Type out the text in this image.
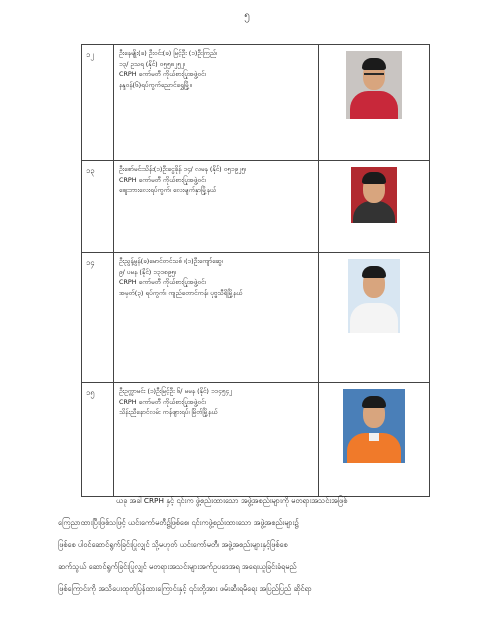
၅
၁၂	ဦးနေမျိုး(ခ) ဦးဝင်း(ခ) မြင့်ဦး (၁)ဦးကြည်၊
၁၃/ ဥသရ (နိုင်) ၀၅၅၈၂၅၂၊
CRPH ကော်မတီ ကိုယ်စားပြုအဖွဲ့ဝင်၊
နန္ဒဝန်(၆)ရပ်ကွက်ညောင်ရွှေမြို့။	

၁၃	ဦးစော်မင်းသိန်း(၁)ဦးငွေခိုန် ၁၄/ လမန (နိုင်) ၀၅၁၉၂၅၊
CRPH ကော်မတီ ကိုယ်စားပြုအဖွဲ့ဝင်၊
ဈေးဘားလေးရပ်ကွက်၊ လေးမျက်နှာမြို့နယ်	

၁၄	ဦးညွန့်မွန်(ခ)မောင်တင်သစ် ၊(၁)ဦးကျော်ဆွေ၊
၉/ ပမန (နိုင်) ၁၃၁၈၉၅၊
CRPH ကော်မတီ ကိုယ်စားပြုအဖွဲ့ဝင်၊
အမှတ်(၃) ရပ်ကွက်၊ ကျည်တောင်ကန်၊ ပုဗ္ဗသီရိမြို့နယ်	

၁၅	ဦးဥက္ကာမင်း (၁)ဦးမြင့်ဦး ၆/ မမန (နိုင်) ၁၁၄၅၄၂
CRPH ကော်မတီ ကိုယ်စားပြုအဖွဲ့ဝင်၊
သိန်းညီနောင်လမ်း ကန်ဖျားရပ်၊ မြိတ်မြို့နယ်	

ယခု အခါ CRPH နှင့် ၎င်းက ဖွဲ့စည်းထားသော အဖွဲ့အစည်းများကို မတရားအသင်းအဖြစ်
ကြေညာထားပြီးဖြစ်သဖြင့် ယင်းကော်မတီ၌ဖြစ်စေ၊ ၎င်းကဖွဲ့စည်းထားသော အဖွဲ့အစည်းများ၌
ဖြစ်စေ ပါဝင်ဆောင်ရွက်ခြင်းပြုလျှင် သို့မဟုတ် ယင်းကော်မတီ၊ အဖွဲ့အစည်းများနှင့်ဖြစ်စေ
ဆက်သွယ် ဆောင်ရွက်ခြင်းပြုလျှင် မတရားအသင်းများအက်ဥပဒေအရ အရေးယူခြင်းခံရမည်
ဖြစ်ကြောင်းကို အသိပေးထုတ်ပြန်ထားကြောင်းနှင့် ၎င်းတို့အား ဖမ်းဆီးရမိရေး အပြည်ပြည် ဆိုင်ရာ
